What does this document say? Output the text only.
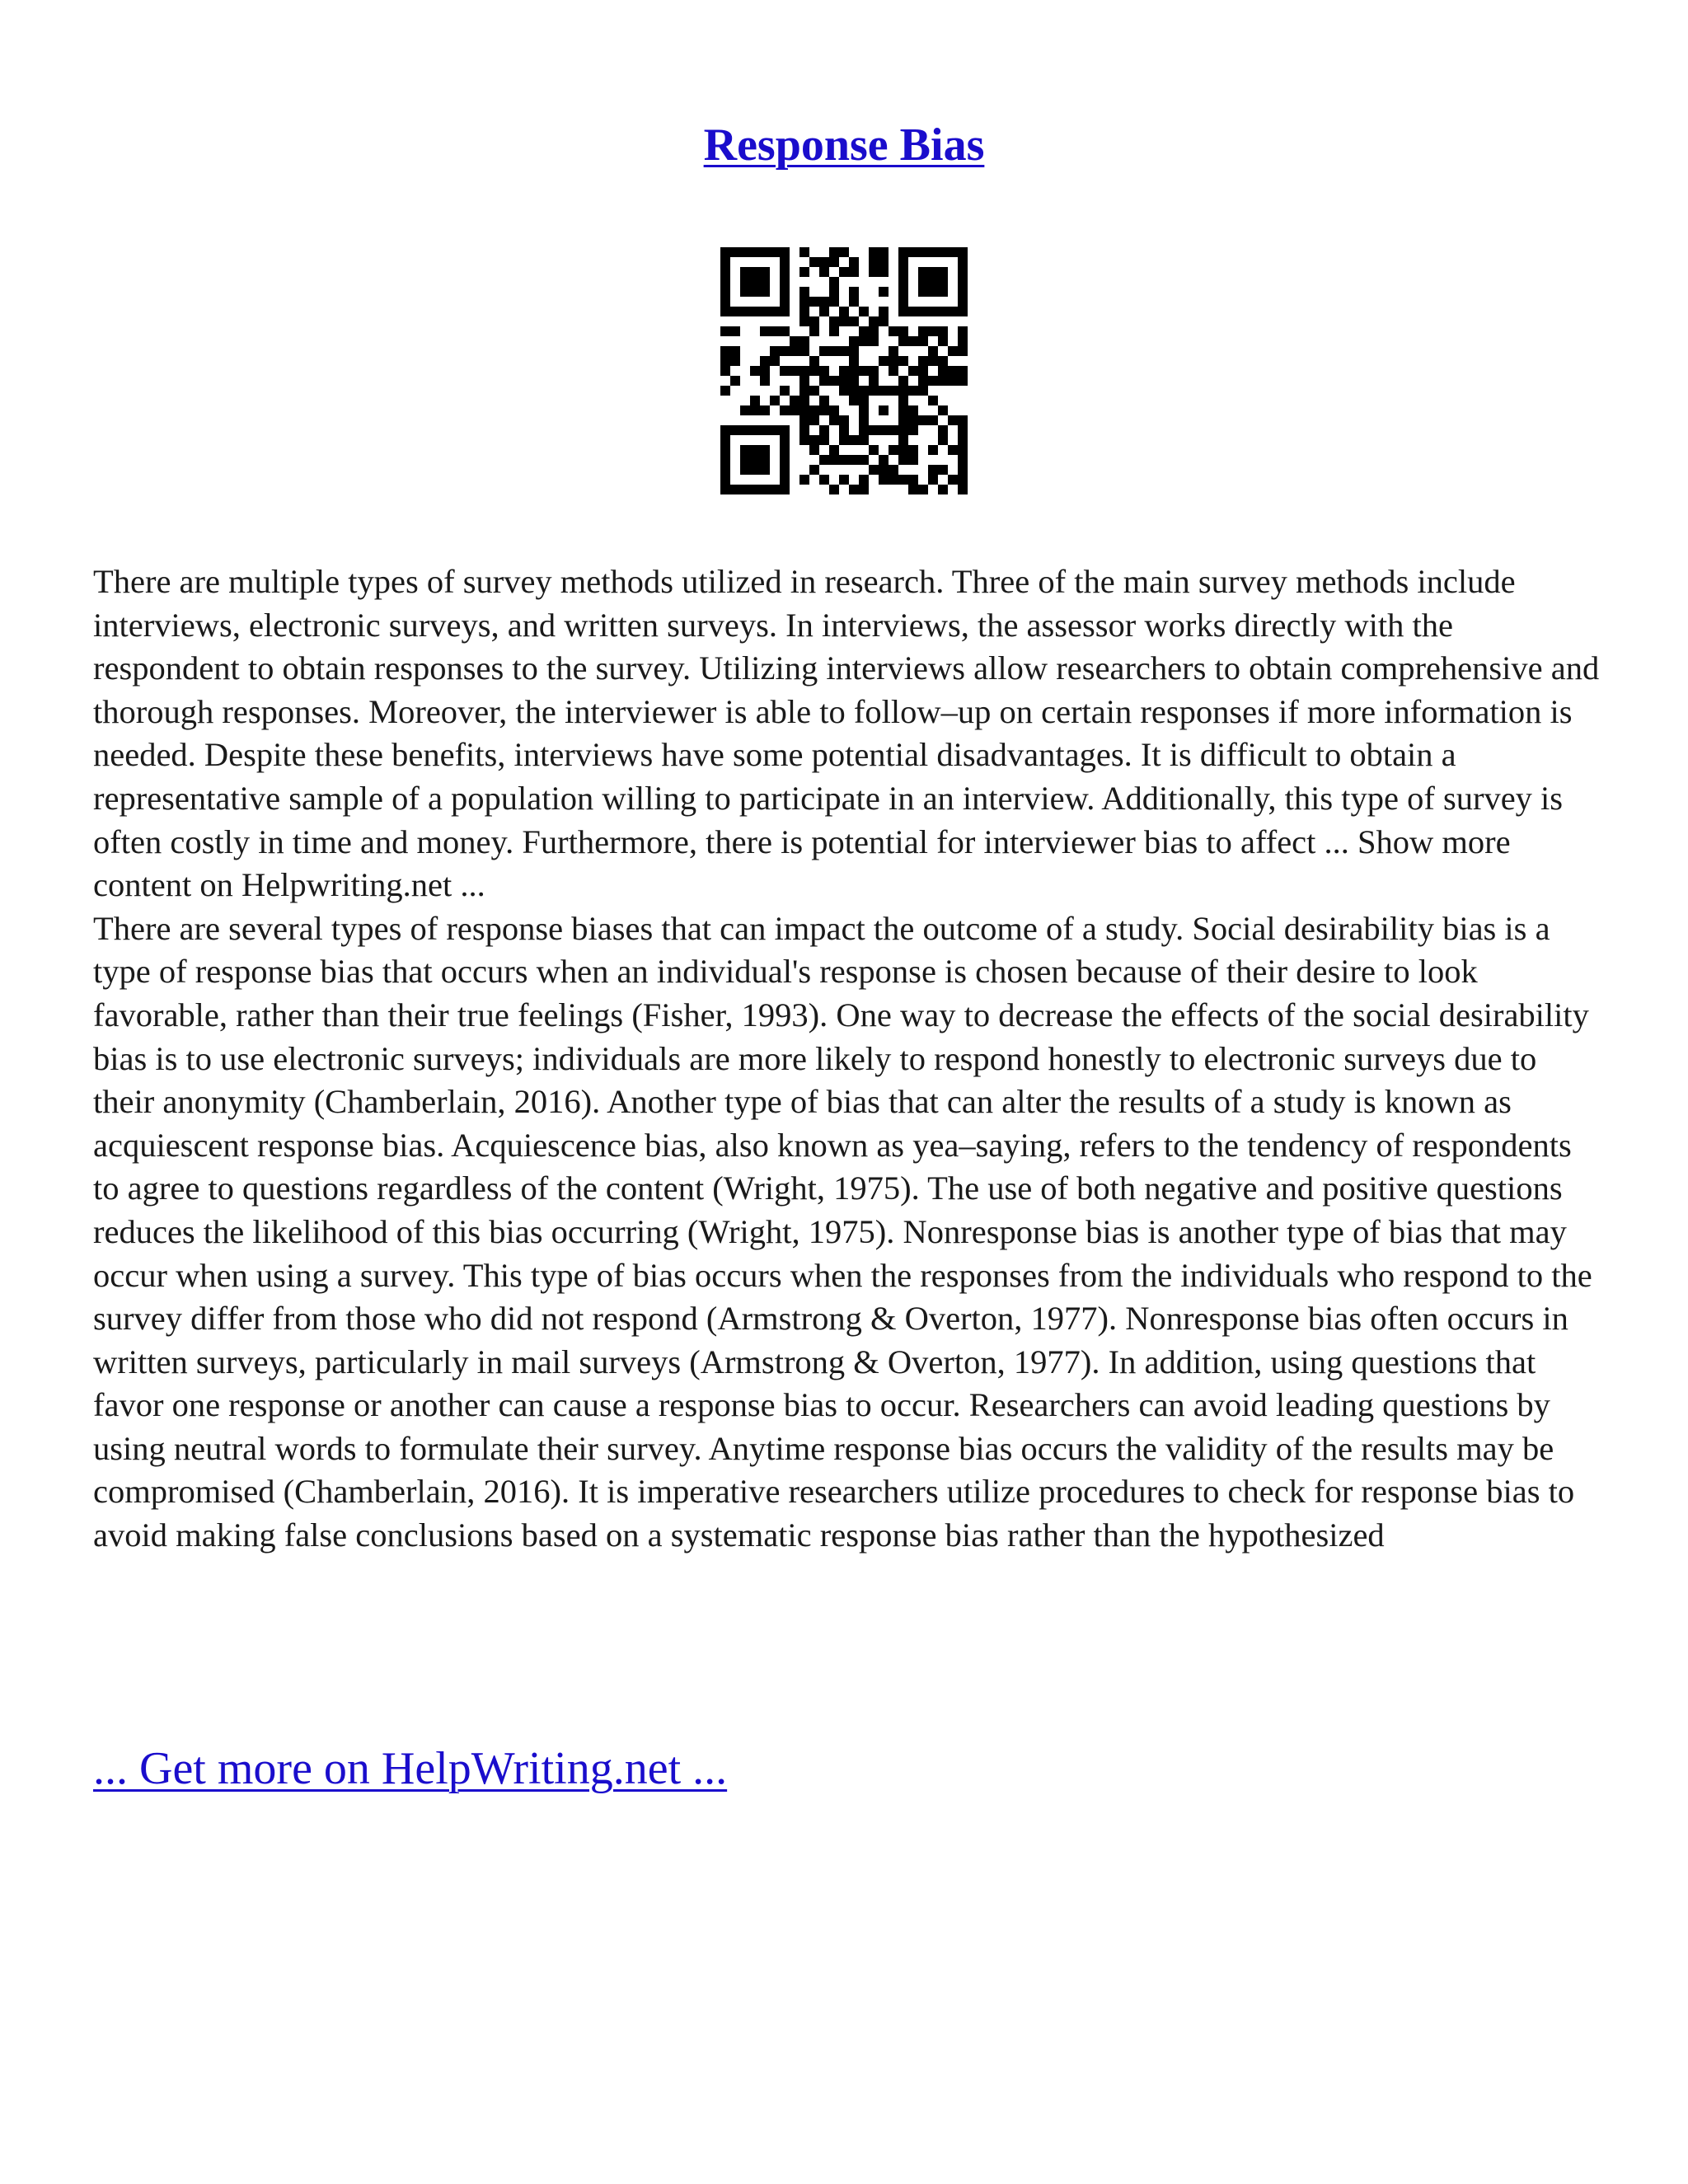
Response Bias

There are multiple types of survey methods utilized in research. Three of the main survey methods include interviews, electronic surveys, and written surveys. In interviews, the assessor works directly with the respondent to obtain responses to the survey. Utilizing interviews allow researchers to obtain comprehensive and thorough responses. Moreover, the interviewer is able to follow–up on certain responses if more information is needed. Despite these benefits, interviews have some potential disadvantages. It is difficult to obtain a representative sample of a population willing to participate in an interview. Additionally, this type of survey is often costly in time and money. Furthermore, there is potential for interviewer bias to affect ... Show more content on Helpwriting.net ...

There are several types of response biases that can impact the outcome of a study. Social desirability bias is a type of response bias that occurs when an individual's response is chosen because of their desire to look favorable, rather than their true feelings (Fisher, 1993). One way to decrease the effects of the social desirability bias is to use electronic surveys; individuals are more likely to respond honestly to electronic surveys due to their anonymity (Chamberlain, 2016). Another type of bias that can alter the results of a study is known as acquiescent response bias. Acquiescence bias, also known as yea–saying, refers to the tendency of respondents to agree to questions regardless of the content (Wright, 1975). The use of both negative and positive questions reduces the likelihood of this bias occurring (Wright, 1975). Nonresponse bias is another type of bias that may occur when using a survey. This type of bias occurs when the responses from the individuals who respond to the survey differ from those who did not respond (Armstrong & Overton, 1977). Nonresponse bias often occurs in written surveys, particularly in mail surveys (Armstrong & Overton, 1977). In addition, using questions that favor one response or another can cause a response bias to occur. Researchers can avoid leading questions by using neutral words to formulate their survey. Anytime response bias occurs the validity of the results may be compromised (Chamberlain, 2016). It is imperative researchers utilize procedures to check for response bias to avoid making false conclusions based on a systematic response bias rather than the hypothesized

... Get more on HelpWriting.net ...
